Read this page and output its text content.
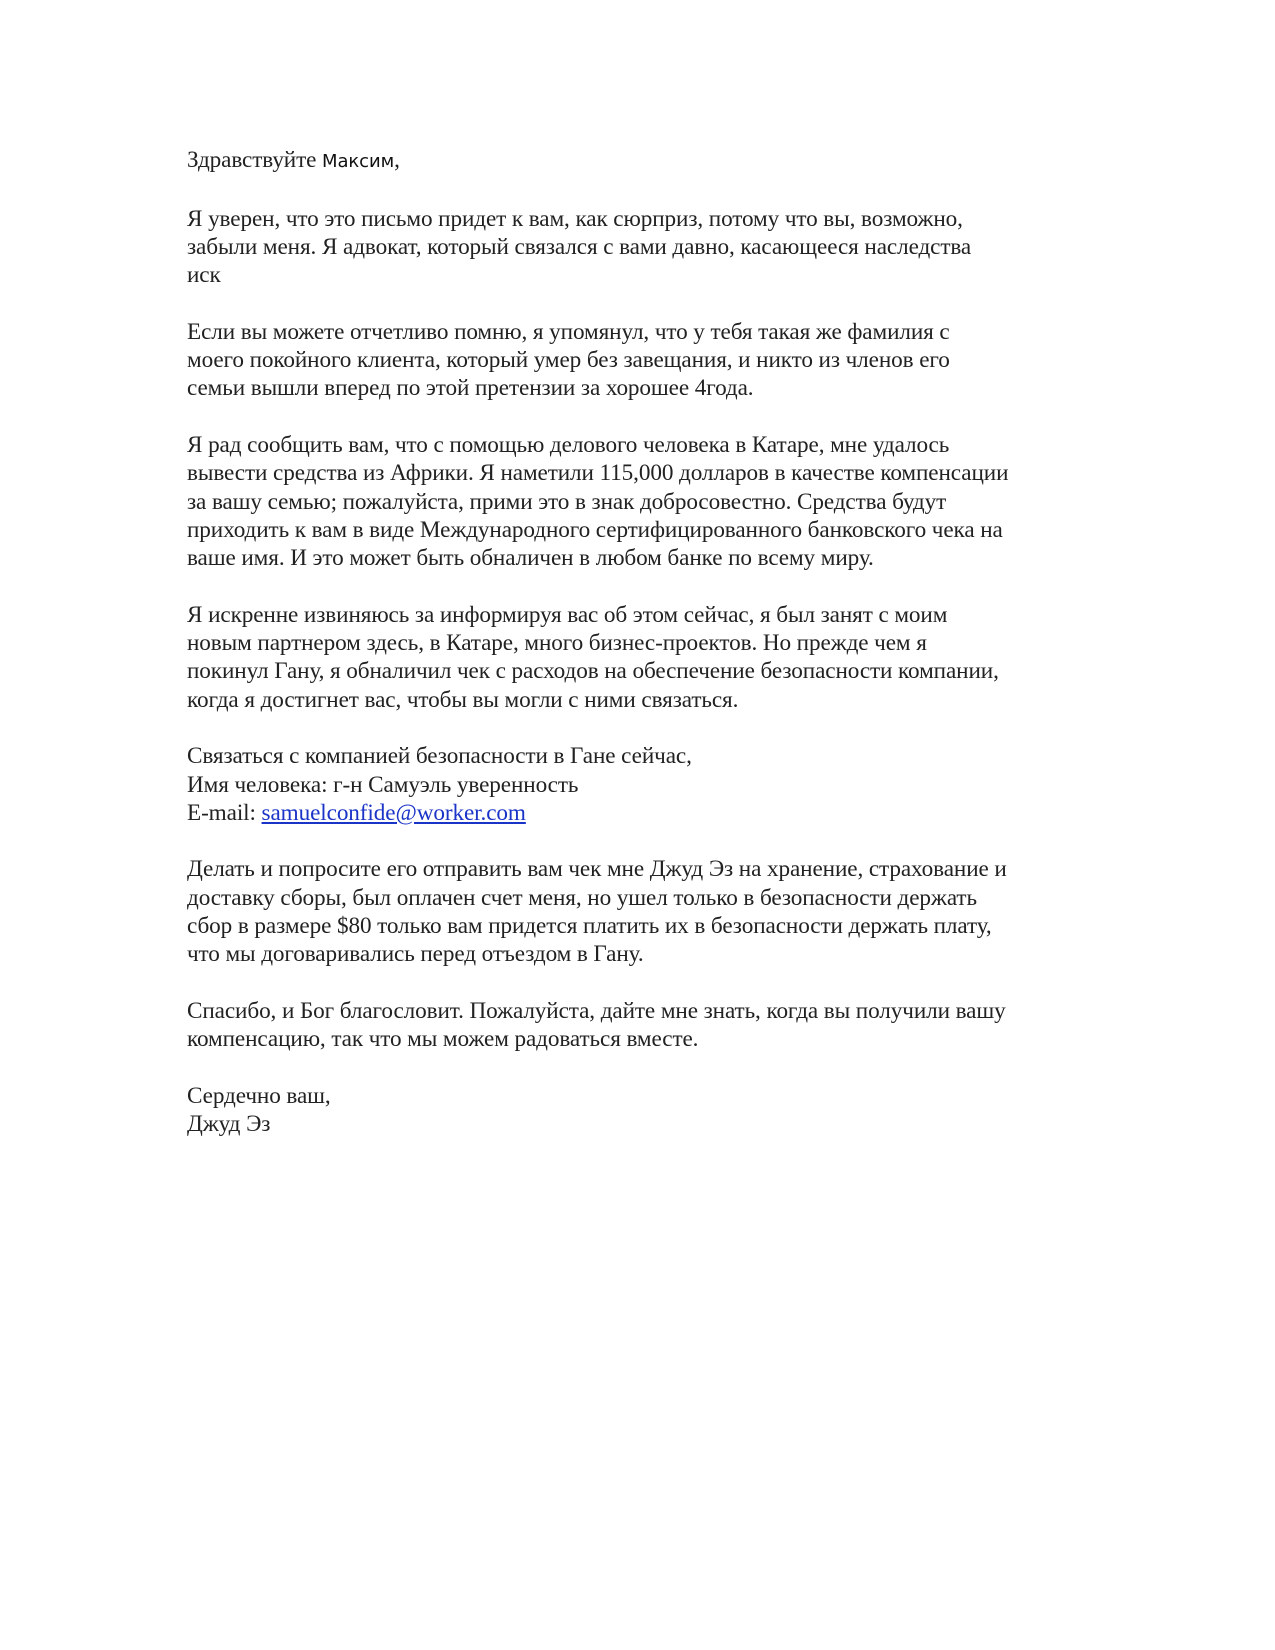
Здравствуйте Максим,

Я уверен, что это письмо придет к вам, как сюрприз, потому что вы, возможно,
забыли меня. Я адвокат, который связался с вами давно, касающееся наследства
иск

Если вы можете отчетливо помню, я упомянул, что у тебя такая же фамилия с
моего покойного клиента, который умер без завещания, и никто из членов его
семьи вышли вперед по этой претензии за хорошее 4года.

Я рад сообщить вам, что с помощью делового человека в Катаре, мне удалось
вывести средства из Африки. Я наметили 115,000 долларов в качестве компенсации
за вашу семью; пожалуйста, прими это в знак добросовестно. Средства будут
приходить к вам в виде Международного сертифицированного банковского чека на
ваше имя. И это может быть обналичен в любом банке по всему миру.

Я искренне извиняюсь за информируя вас об этом сейчас, я был занят с моим
новым партнером здесь, в Катаре, много бизнес-проектов. Но прежде чем я
покинул Гану, я обналичил чек с расходов на обеспечение безопасности компании,
когда я достигнет вас, чтобы вы могли с ними связаться.

Связаться с компанией безопасности в Гане сейчас,
Имя человека: г-н Самуэль уверенность
E-mail: samuelconfide@worker.com

Делать и попросите его отправить вам чек мне Джуд Эз на хранение, страхование и
доставку сборы, был оплачен счет меня, но ушел только в безопасности держать
сбор в размере $80 только вам придется платить их в безопасности держать плату,
что мы договаривались перед отъездом в Гану.

Спасибо, и Бог благословит. Пожалуйста, дайте мне знать, когда вы получили вашу
компенсацию, так что мы можем радоваться вместе.

Сердечно ваш,
Джуд Эз
